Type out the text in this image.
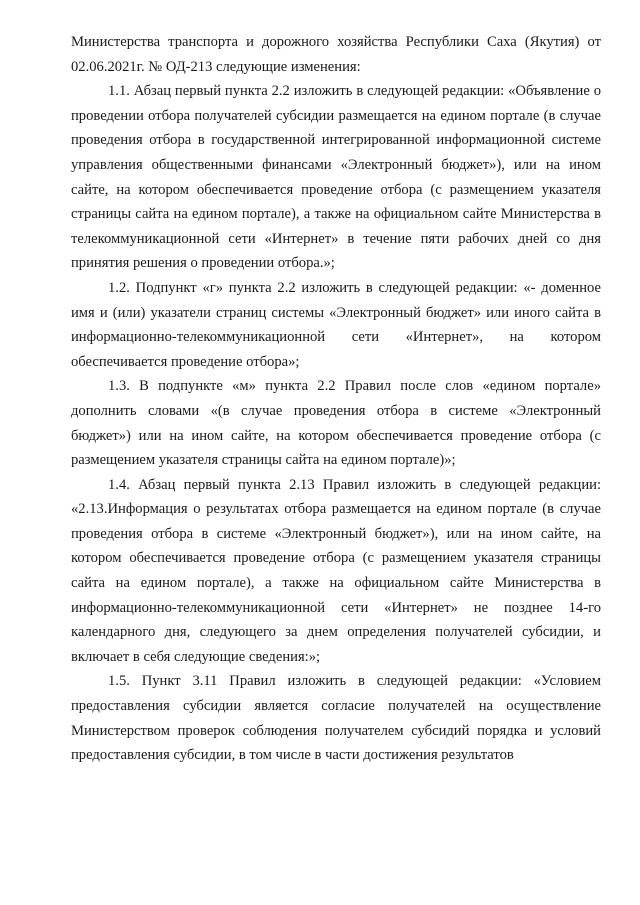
Министерства транспорта и дорожного хозяйства Республики Саха (Якутия) от 02.06.2021г. № ОД-213 следующие изменения:

1.1. Абзац первый пункта 2.2 изложить в следующей редакции: «Объявление о проведении отбора получателей субсидии размещается на едином портале (в случае проведения отбора в государственной интегрированной информационной системе управления общественными финансами «Электронный бюджет»), или на ином сайте, на котором обеспечивается проведение отбора (с размещением указателя страницы сайта на едином портале), а также на официальном сайте Министерства в телекоммуникационной сети «Интернет» в течение пяти рабочих дней со дня принятия решения о проведении отбора.»;

1.2. Подпункт «г» пункта 2.2 изложить в следующей редакции: «- доменное имя и (или) указатели страниц системы «Электронный бюджет» или иного сайта в информационно-телекоммуникационной сети «Интернет», на котором обеспечивается проведение отбора»;

1.3. В подпункте «м» пункта 2.2 Правил после слов «едином портале» дополнить словами «(в случае проведения отбора в системе «Электронный бюджет») или на ином сайте, на котором обеспечивается проведение отбора (с размещением указателя страницы сайта на едином портале)»;

1.4. Абзац первый пункта 2.13 Правил изложить в следующей редакции: «2.13.Информация о результатах отбора размещается на едином портале (в случае проведения отбора в системе «Электронный бюджет»), или на ином сайте, на котором обеспечивается проведение отбора (с размещением указателя страницы сайта на едином портале), а также на официальном сайте Министерства в информационно-телекоммуникационной сети «Интернет» не позднее 14-го календарного дня, следующего за днем определения получателей субсидии, и включает в себя следующие сведения:»;

1.5. Пункт 3.11 Правил изложить в следующей редакции: «Условием предоставления субсидии является согласие получателей на осуществление Министерством проверок соблюдения получателем субсидий порядка и условий предоставления субсидии, в том числе в части достижения результатов
